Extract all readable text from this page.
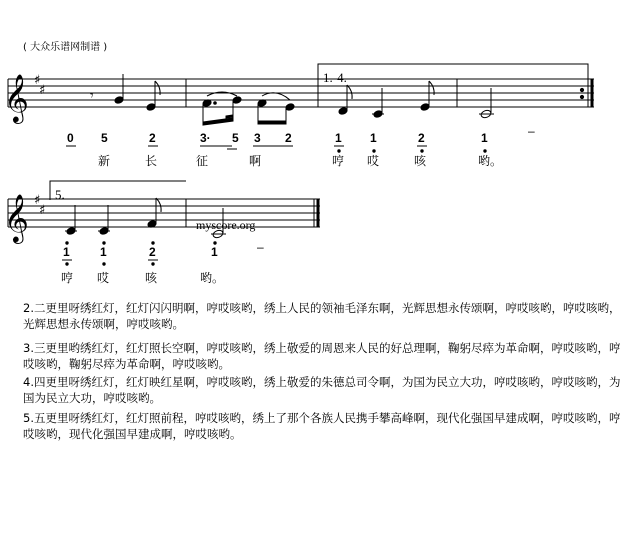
( 大众乐谱网制谱 )
𝄞
𝄞
♯
♯
♯
♯
𝄾
1.-4.
5.
myscore.org
0 5	2	3· 5 3 2	1 1	2	1	–
新	长	征	啊	哼 哎	咳	哟。
1	1	2	1	–
哼 哎	咳	哟。
2.二更里呀绣红灯，红灯闪闪明啊，哼哎咳哟，绣上人民的领袖毛泽东啊，光辉思想永传颂啊，哼哎咳哟，哼哎咳哟，光辉思想永传颂啊，哼哎咳哟。
3.三更里哟绣红灯，红灯照长空啊，哼哎咳哟，绣上敬爱的周恩来人民的好总理啊，鞠躬尽瘁为革命啊，哼哎咳哟，哼哎咳哟，鞠躬尽瘁为革命啊，哼哎咳哟。
4.四更里呀绣红灯，红灯映红星啊，哼哎咳哟，绣上敬爱的朱德总司令啊，为国为民立大功，哼哎咳哟，哼哎咳哟，为国为民立大功，哼哎咳哟。
5.五更里呀绣红灯，红灯照前程，哼哎咳哟，绣上了那个各族人民携手攀高峰啊，现代化强国早建成啊，哼哎咳哟，哼哎咳哟，现代化强国早建成啊，哼哎咳哟。
